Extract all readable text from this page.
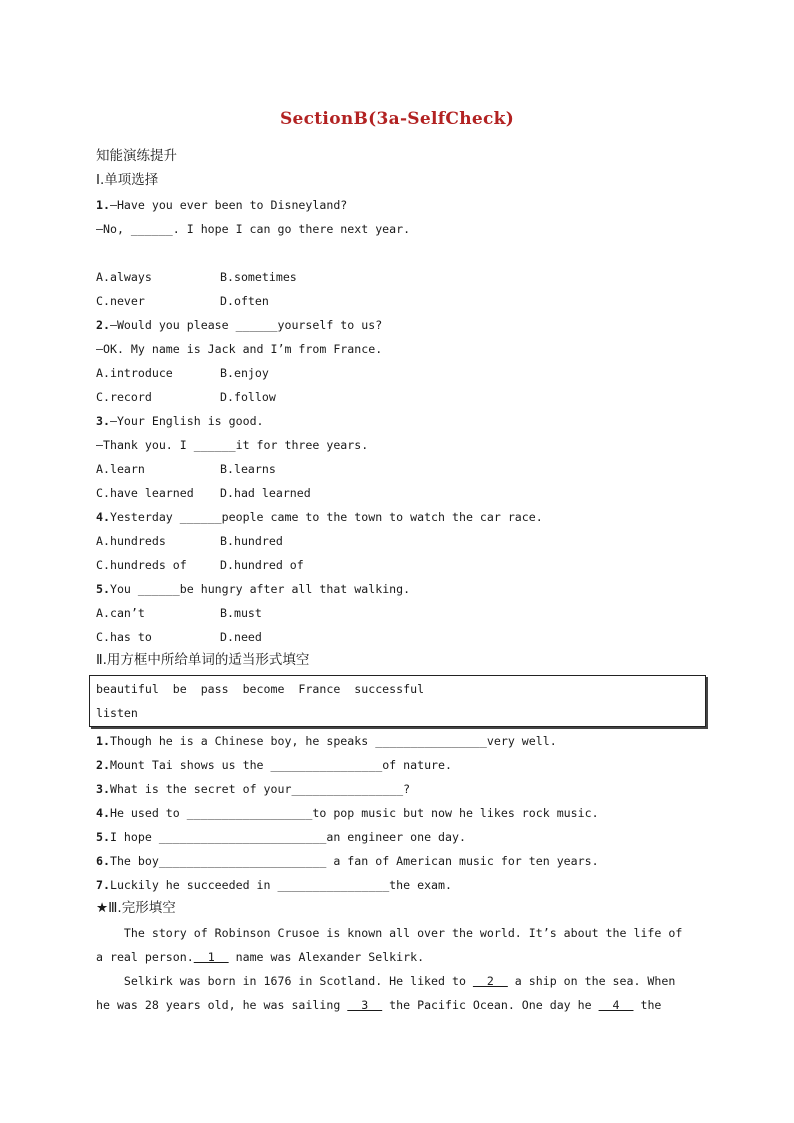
SectionB(3a-SelfCheck)
知能演练提升
Ⅰ.单项选择
1.—Have you ever been to Disneyland?
—No, ______. I hope I can go there next year.
A.always	B.sometimes
C.never	D.often
2.—Would you please ______yourself to us?
—OK. My name is Jack and I’m from France.
A.introduce	B.enjoy
C.record	D.follow
3.—Your English is good.
—Thank you. I ______it for three years.
A.learn	B.learns
C.have learned D.had learned
4.Yesterday ______people came to the town to watch the car race.
A.hundreds	B.hundred
C.hundreds of	D.hundred of
5.You ______be hungry after all that walking.
A.can’t	B.must
C.has to	D.need
Ⅱ.用方框中所给单词的适当形式填空
beautiful  be  pass  become  France  successful
listen
1.Though he is a Chinese boy, he speaks ________________very well.
2.Mount Tai shows us the ________________of nature.
3.What is the secret of your________________?
4.He used to __________________to pop music but now he likes rock music.
5.I hope ________________________an engineer one day.
6.The boy________________________ a fan of American music for ten years.
7.Luckily he succeeded in ________________the exam.
★Ⅲ.完形填空
The story of Robinson Crusoe is known all over the world. It’s about the life of
a real person.  1   name was Alexander Selkirk.
Selkirk was born in 1676 in Scotland. He liked to   2   a ship on the sea. When
he was 28 years old, he was sailing   3   the Pacific Ocean. One day he   4   the
